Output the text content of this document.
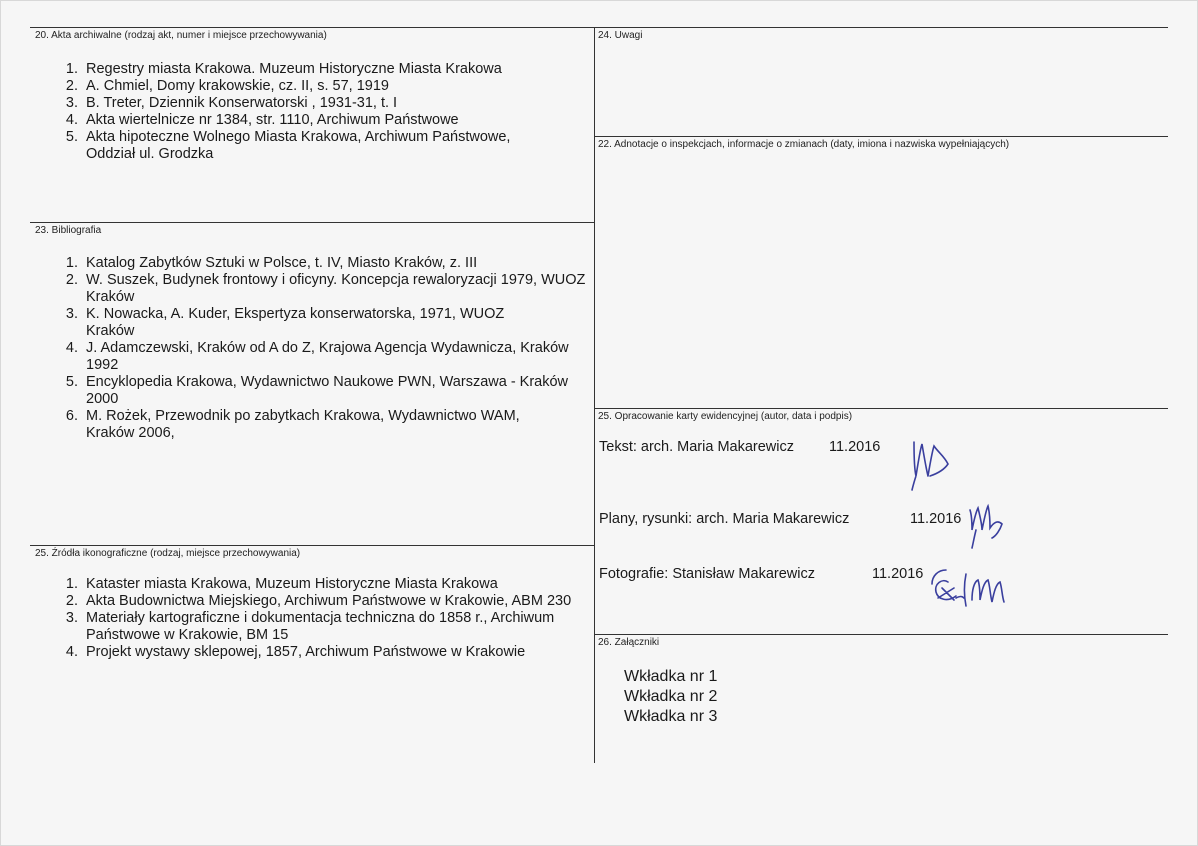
20. Akta archiwalne (rodzaj akt, numer i miejsce przechowywania)
1. Regestry miasta Krakowa. Muzeum Historyczne Miasta Krakowa
2. A. Chmiel, Domy krakowskie, cz. II, s. 57, 1919
3. B. Treter, Dziennik Konserwatorski , 1931-31, t. I
4. Akta wiertelnicze nr 1384, str. 1110, Archiwum Państwowe
5. Akta hipoteczne Wolnego Miasta Krakowa, Archiwum Państwowe, Oddział ul. Grodzka
23. Bibliografia
1. Katalog Zabytków Sztuki w Polsce, t. IV, Miasto Kraków, z. III
2. W. Suszek, Budynek frontowy i oficyny. Koncepcja rewaloryzacji 1979, WUOZ Kraków
3. K. Nowacka, A. Kuder, Ekspertyza konserwatorska, 1971, WUOZ Kraków
4. J. Adamczewski, Kraków od A do Z, Krajowa Agencja Wydawnicza, Kraków 1992
5. Encyklopedia Krakowa, Wydawnictwo Naukowe PWN, Warszawa - Kraków 2000
6. M. Rożek, Przewodnik po zabytkach Krakowa, Wydawnictwo WAM, Kraków 2006,
25. Źródła ikonograficzne (rodzaj, miejsce przechowywania)
1. Kataster miasta Krakowa, Muzeum Historyczne Miasta Krakowa
2. Akta Budownictwa Miejskiego, Archiwum Państwowe w Krakowie, ABM 230
3. Materiały kartograficzne i dokumentacja techniczna do 1858 r., Archiwum Państwowe w Krakowie, BM 15
4. Projekt wystawy sklepowej, 1857, Archiwum Państwowe w Krakowie
24. Uwagi
22. Adnotacje o inspekcjach, informacje o zmianach (daty, imiona i nazwiska wypełniających)
25. Opracowanie karty ewidencyjnej (autor, data i podpis)
Tekst: arch. Maria Makarewicz 11.2016
Plany, rysunki: arch. Maria Makarewicz	11.2016
Fotografie: Stanisław Makarewicz	11.2016
26. Załączniki
Wkładka nr 1
Wkładka nr 2
Wkładka nr 3
